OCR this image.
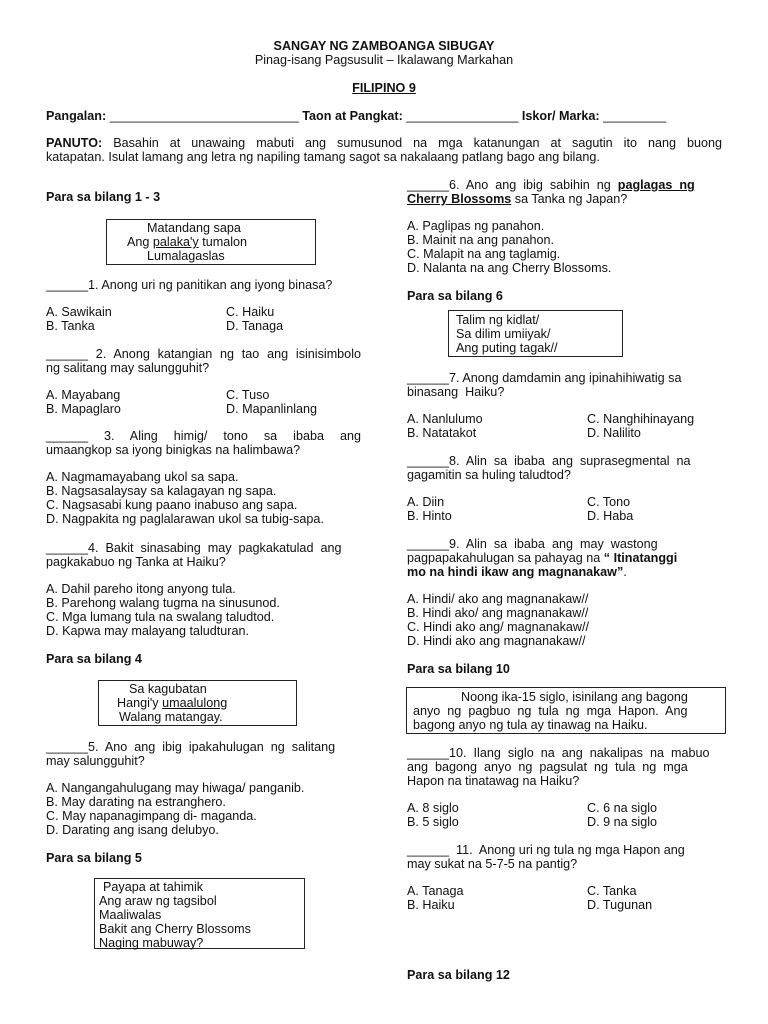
SANGAY NG ZAMBOANGA SIBUGAY
Pinag-isang Pagsusulit – Ikalawang Markahan
FILIPINO 9
Pangalan: ___________________________ Taon at Pangkat: ________________ Iskor/ Marka: _________
PANUTO: Basahin at unawaing mabuti ang sumusunod na mga katanungan at sagutin ito nang buong
katapatan. Isulat lamang ang letra ng napiling tamang sagot sa nakalaang patlang bago ang bilang.
Para sa bilang 1 - 3
Matandang sapa
Ang palaka'y tumalon
Lumalagaslas
______1. Anong uri ng panitikan ang iyong binasa?
A. Sawikain	C. Haiku
B. Tanka	D. Tanaga
______ 2. Anong katangian ng tao ang isinisimbolo
ng salitang may salungguhit?
A. Mayabang	C. Tuso
B. Mapaglaro	D. Mapanlinlang
______  3.  Aling  himig/  tono  sa  ibaba  ang
umaangkop sa iyong binigkas na halimbawa?
A. Nagmamayabang ukol sa sapa.
B. Nagsasalaysay sa kalagayan ng sapa.
C. Nagsasabi kung paano inabuso ang sapa.
D. Nagpakita ng paglalarawan ukol sa tubig-sapa.
______4.  Bakit  sinasabing  may  pagkakatulad  ang
pagkakabuo ng Tanka at Haiku?
A. Dahil pareho itong anyong tula.
B. Parehong walang tugma na sinusunod.
C. Mga lumang tula na swalang taludtod.
D. Kapwa may malayang taludturan.
Para sa bilang 4
Sa kagubatan
Hangi'y umaalulong
Walang matangay.
______5.  Ano  ang  ibig  ipakahulugan  ng  salitang
may salungguhit?
A. Nangangahulugang may hiwaga/ panganib.
B. May darating na estranghero.
C. May napanagimpang di- maganda.
D. Darating ang isang delubyo.
Para sa bilang 5
Payapa at tahimik
Ang araw ng tagsibol
Maaliwalas
Bakit ang Cherry Blossoms
Naging mabuway?
______6.  Ano  ang  ibig  sabihin  ng  paglagas  ng
Cherry Blossoms sa Tanka ng Japan?
A. Paglipas ng panahon.
B. Mainit na ang panahon.
C. Malapit na ang taglamig.
D. Nalanta na ang Cherry Blossoms.
Para sa bilang 6
Talim ng kidlat/
Sa dilim umiiyak/
Ang puting tagak//
______7. Anong damdamin ang ipinahihiwatig sa
binasang  Haiku?
A. Nanlulumo	C. Nanghihinayang
B. Natatakot	D. Nalilito
______8.  Alin  sa  ibaba  ang  suprasegmental  na
gagamitin sa huling taludtod?
A. Diin	C. Tono
B. Hinto	D. Haba
______9.  Alin  sa  ibaba  ang  may  wastong
pagpapakahulugan sa pahayag na “ Itinatanggi
mo na hindi ikaw ang magnanakaw”.
A. Hindi/ ako ang magnanakaw//
B. Hindi ako/ ang magnanakaw//
C. Hindi ako ang/ magnanakaw//
D. Hindi ako ang magnanakaw//
Para sa bilang 10
Noong ika-15 siglo, isinilang ang bagong
anyo  ng  pagbuo  ng  tula  ng  mga  Hapon.  Ang
bagong anyo ng tula ay tinawag na Haiku.
______10.  Ilang  siglo  na  ang  nakalipas  na  mabuo
ang  bagong  anyo  ng  pagsulat  ng  tula  ng  mga
Hapon na tinatawag na Haiku?
A. 8 siglo	C. 6 na siglo
B. 5 siglo	D. 9 na siglo
______  11.  Anong uri ng tula ng mga Hapon ang
may sukat na 5-7-5 na pantig?
A. Tanaga	C. Tanka
B. Haiku	D. Tugunan
Para sa bilang 12
